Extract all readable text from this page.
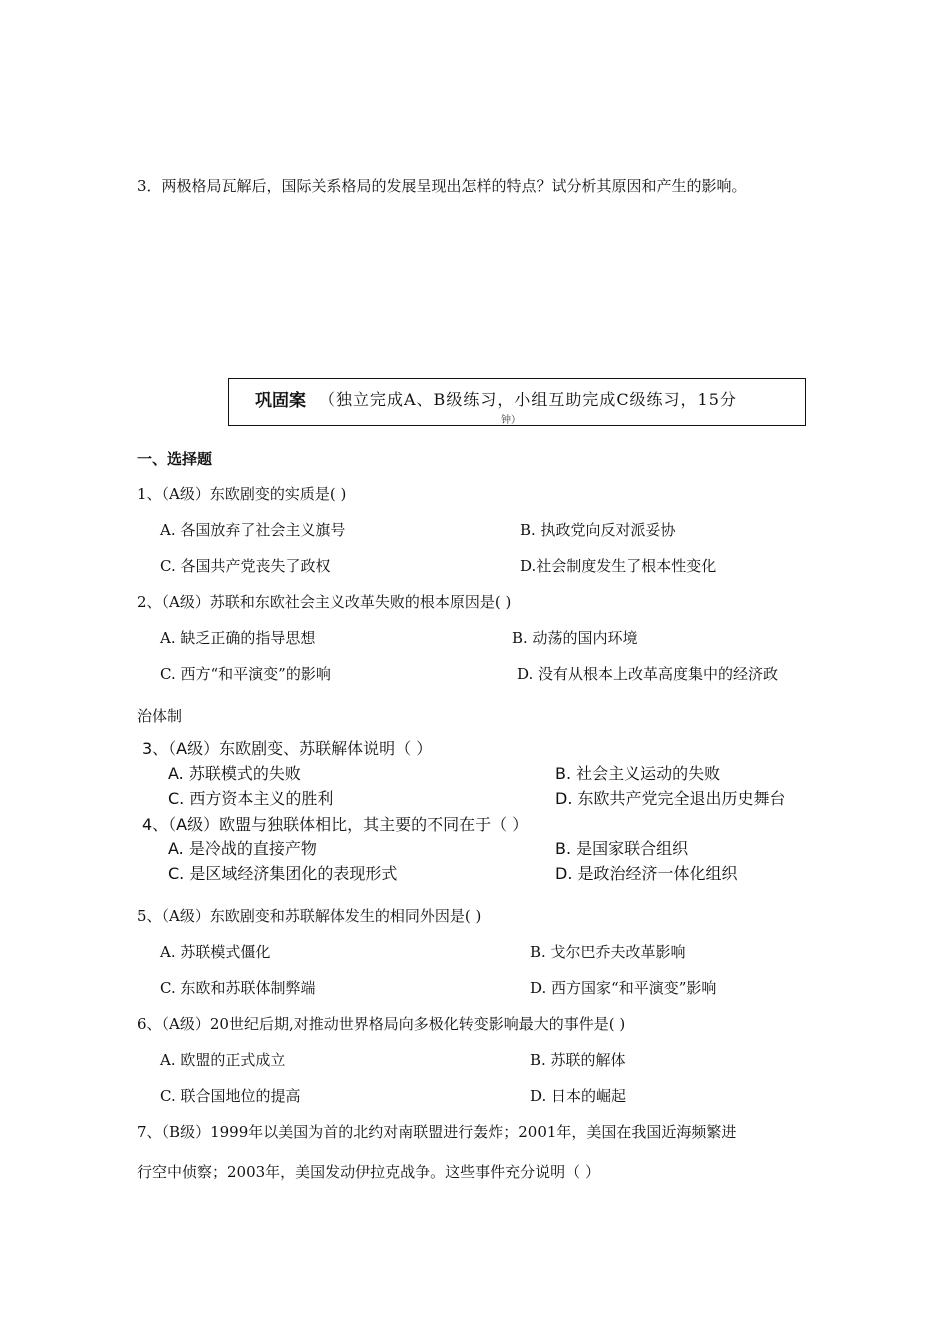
3．两极格局瓦解后，国际关系格局的发展呈现出怎样的特点？试分析其原因和产生的影响。
巩固案 （独立完成A、B级练习，小组互助完成C级练习，15分
钟）
一、选择题
1、（A级）东欧剧变的实质是( )
A. 各国放弃了社会主义旗号	B. 执政党向反对派妥协
C. 各国共产党丧失了政权	D.社会制度发生了根本性变化
2、（A级）苏联和东欧社会主义改革失败的根本原因是( )
A. 缺乏正确的指导思想	B. 动荡的国内环境
C. 西方“和平演变”的影响	D. 没有从根本上改革高度集中的经济政
治体制
3、（A级）东欧剧变、苏联解体说明（ ）
A. 苏联模式的失败	B. 社会主义运动的失败
C. 西方资本主义的胜利	D. 东欧共产党完全退出历史舞台
4、（A级）欧盟与独联体相比，其主要的不同在于（ ）
A. 是冷战的直接产物	B. 是国家联合组织
C. 是区域经济集团化的表现形式	D. 是政治经济一体化组织
5、（A级）东欧剧变和苏联解体发生的相同外因是( )
A. 苏联模式僵化	B. 戈尔巴乔夫改革影响
C. 东欧和苏联体制弊端	D. 西方国家“和平演变”影响
6、（A级）20世纪后期,对推动世界格局向多极化转变影响最大的事件是( )
A. 欧盟的正式成立	B. 苏联的解体
C. 联合国地位的提高	D. 日本的崛起
7、（B级）1999年以美国为首的北约对南联盟进行轰炸；2001年，美国在我国近海频繁进
行空中侦察；2003年，美国发动伊拉克战争。这些事件充分说明（ ）
